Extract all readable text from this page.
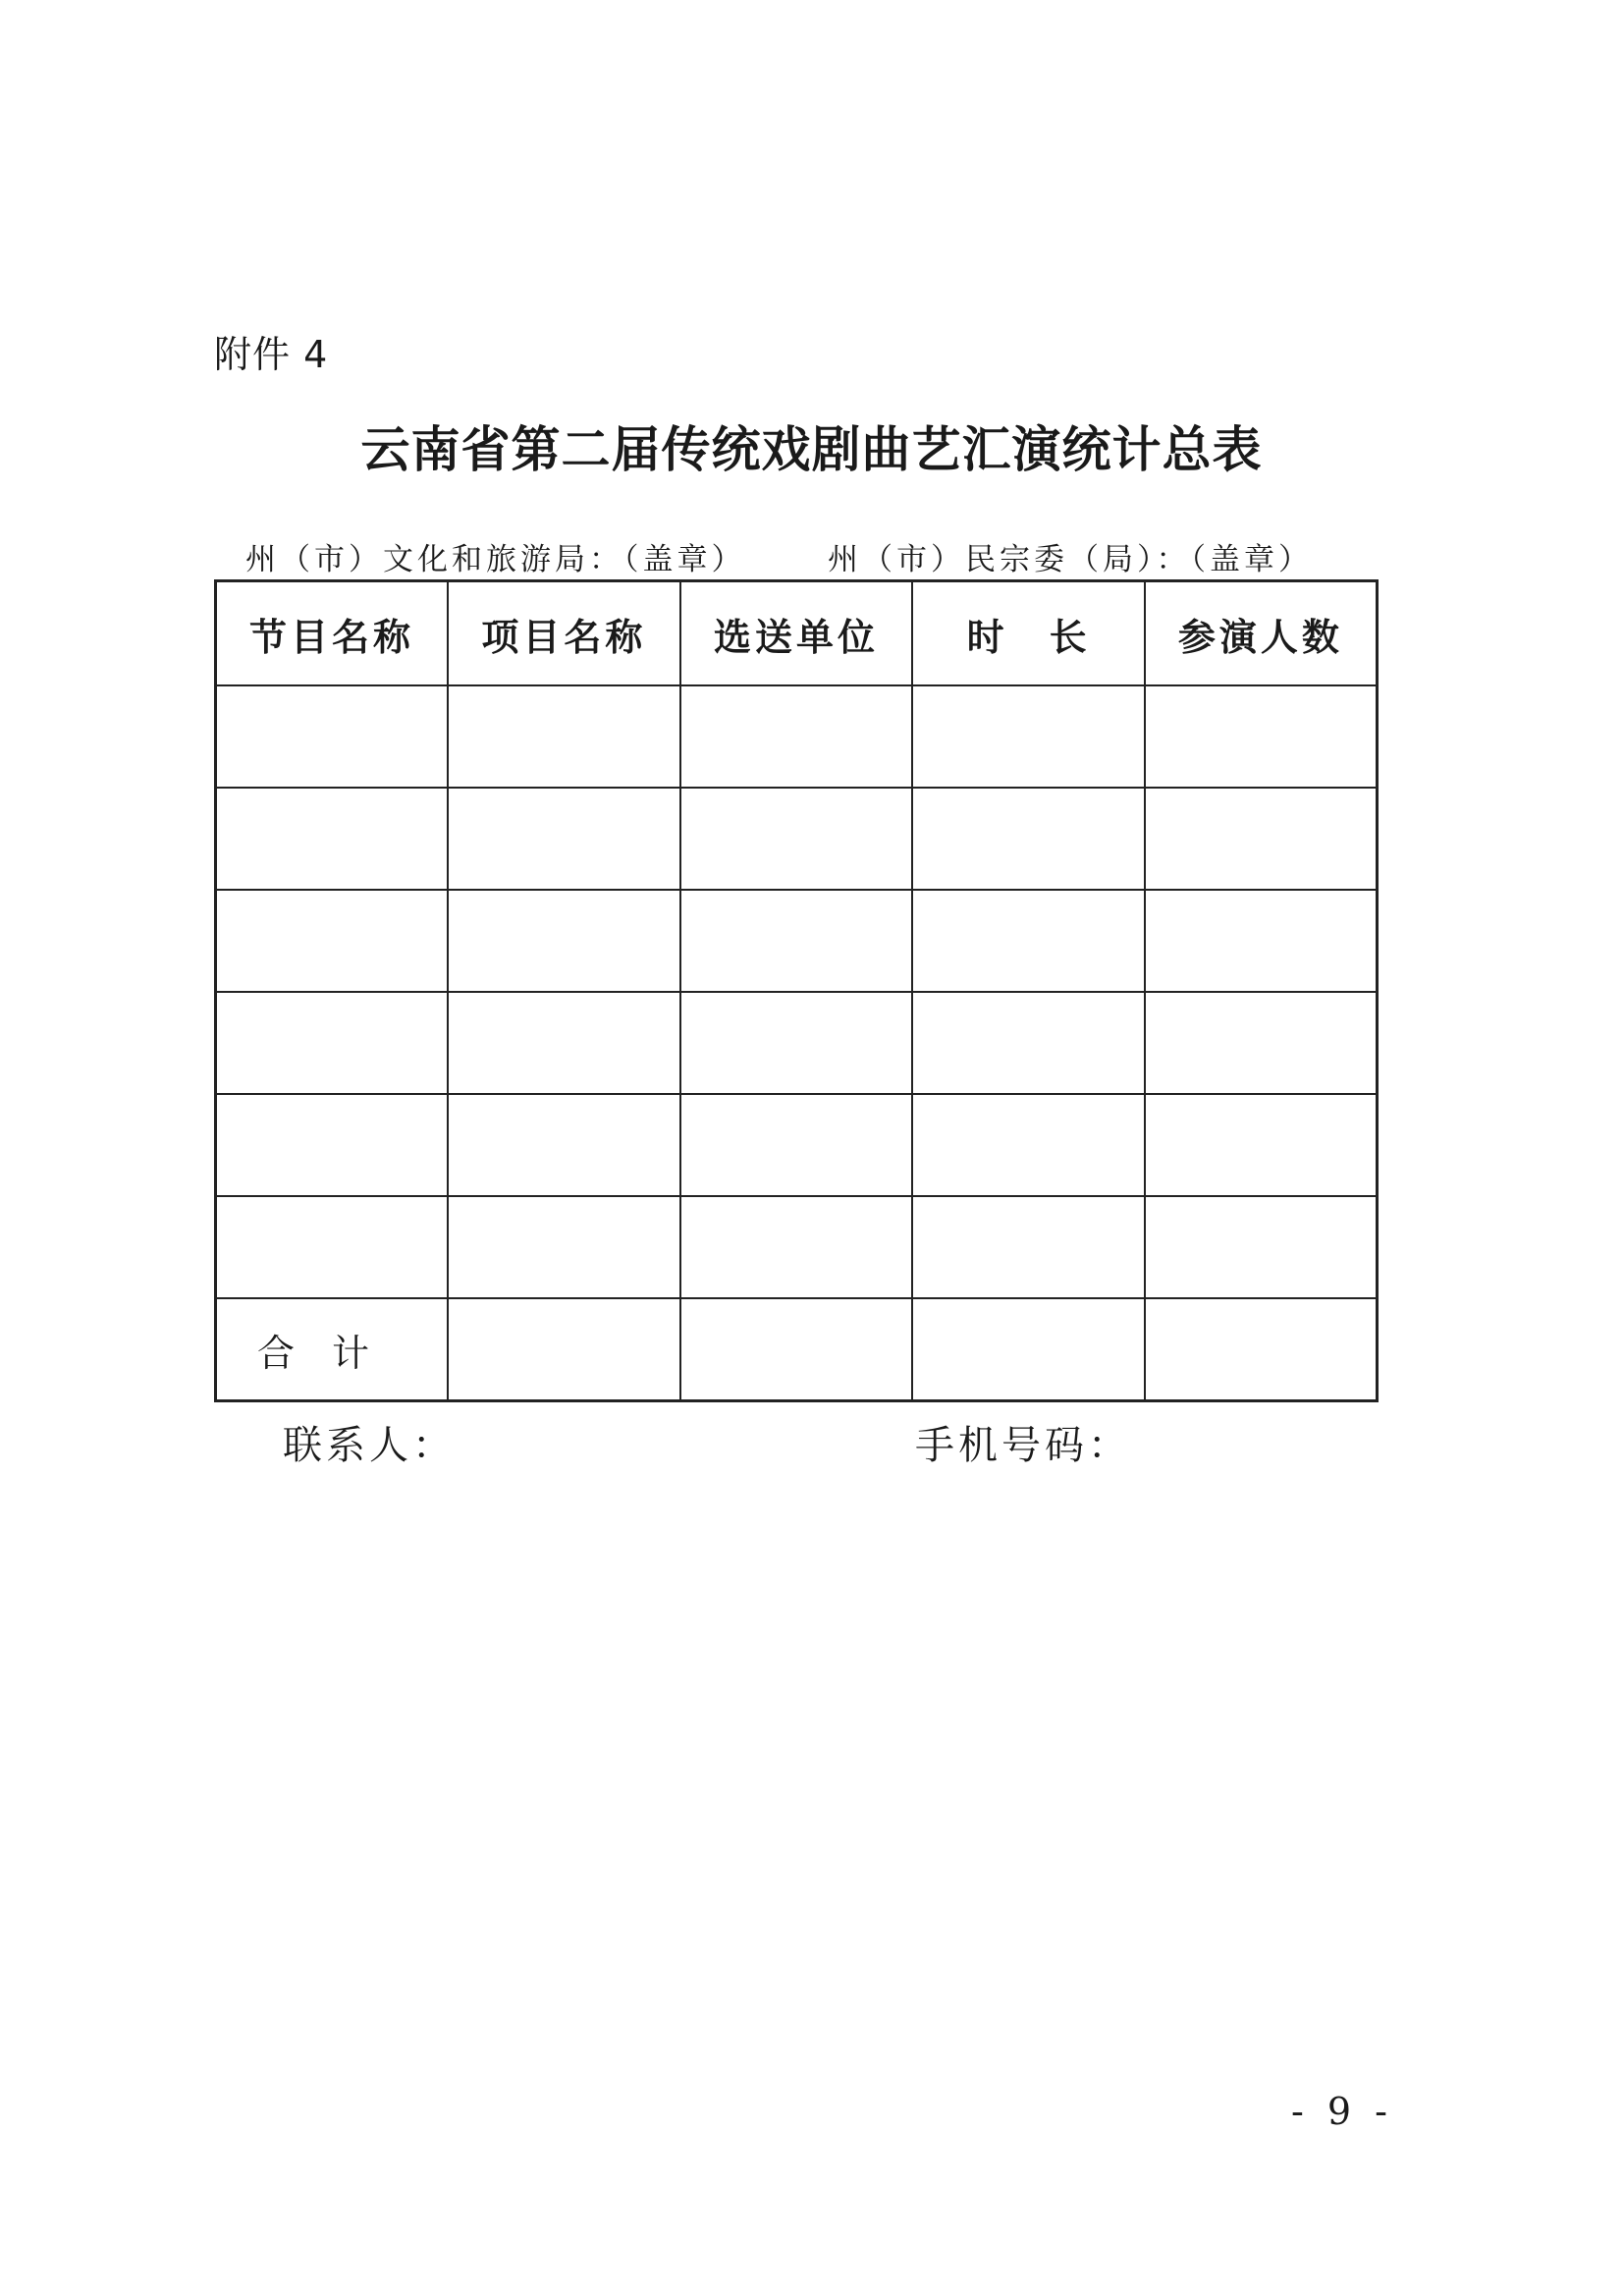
附件 4
云南省第二届传统戏剧曲艺汇演统计总表
州（市）文化和旅游局：（盖章）	州（市）民宗委（局）：（盖章）
节目名称	项目名称	选送单位	时　长	参演人数

合计				
联系人：	手机号码：
- 9 -
